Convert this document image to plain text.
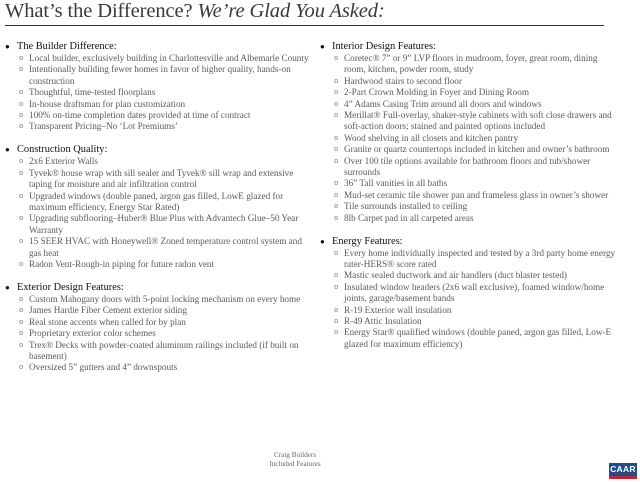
What’s the Difference? We’re Glad You Asked:
● The Builder Difference:
o Local builder, exclusively building in Charlottesville and Albemarle County
o Intentionally building fewer homes in favor of higher quality, hands-on construction
o Thoughtful, time-tested floorplans
o In-house draftsman for plan customization
o 100% on-time completion dates provided at time of contract
o Transparent Pricing–No ‘Lot Premiums’
● Construction Quality:
o 2x6 Exterior Walls
o Tyvek® house wrap with sill sealer and Tyvek® sill wrap and extensive taping for moisture and air infiltration control
o Upgraded windows (double paned, argon gas filled, LowE glazed for maximum efficiency, Energy Star Rated)
o Upgrading subflooring–Huber® Blue Plus with Advantech Glue–50 Year Warranty
o 15 SEER HVAC with Honeywell® Zoned temperature control system and gas heat
o Radon Vent-Rough-in piping for future radon vent
● Exterior Design Features:
o Custom Mahogany doors with 5-point locking mechanism on every home
o James Hardie Fiber Cement exterior siding
o Real stone accents when called for by plan
o Proprietary exterior color schemes
o Trex® Decks with powder-coated aluminum railings included (if built on basement)
o Oversized 5” gutters and 4” downspouts
● Interior Design Features:
o Coretec® 7” or 9” LVP floors in mudroom, foyer, great room, dining room, kitchen, powder room, study
o Hardwood stairs to second floor
o 2-Part Crown Molding in Foyer and Dining Room
o 4” Adams Casing Trim around all doors and windows
o Merillat® Full-overlay, shaker-style cabinets with soft close drawers and soft-action doors; stained and painted options included
o Wood shelving in all closets and kitchen pantry
o Granite or quartz countertops included in kitchen and owner’s bathroom
o Over 100 tile options available for bathroom floors and tub/shower surrounds
o 36” Tall vanities in all baths
o Mud-set ceramic tile shower pan and frameless glass in owner’s shower
o Tile surrounds installed to ceiling
o 8lb Carpet pad in all carpeted areas
● Energy Features:
o Every home individually inspected and tested by a 3rd party home energy rater-HERS® score rated
o Mastic sealed ductwork and air handlers (duct blaster tested)
o Insulated window headers (2x6 wall exclusive), foamed window/home joints, garage/basement bands
o R-19 Exterior wall insulation
o R-49 Attic Insulation
o Energy Star® qualified windows (double paned, argon gas filled, Low-E glazed for maximum efficiency)
Craig Builders
Included Features	CAAR
